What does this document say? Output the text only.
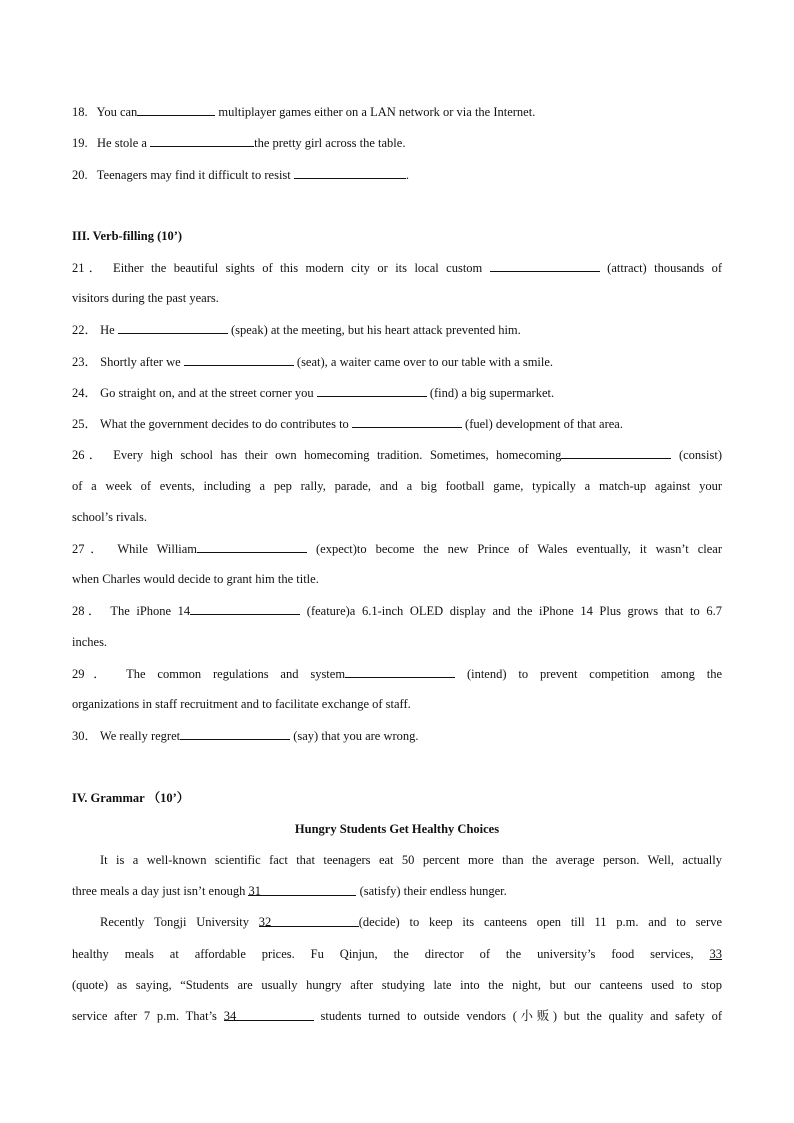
18. You can	multiplayer games either on a LAN network or via the Internet.
19. He stole a	the pretty girl across the table.
20. Teenagers may find it difficult to resist	.
III. Verb-filling (10’)
21． Either the beautiful sights of this modern city or its local custom	(attract) thousands of
visitors during the past years.
22． He	(speak) at the meeting, but his heart attack prevented him.
23． Shortly after we	(seat), a waiter came over to our table with a smile.
24． Go straight on, and at the street corner you	(find) a big supermarket.
25． What the government decides to do contributes to	(fuel) development of that area.
26． Every high school has their own homecoming tradition. Sometimes, homecoming	(consist)
of a week of events, including a pep rally, parade, and a big football game, typically a match-up against your
school’s rivals.
27． While William	(expect)to become the new Prince of Wales eventually, it wasn’t clear
when Charles would decide to grant him the title.
28． The iPhone 14	(feature)a 6.1-inch OLED display and the iPhone 14 Plus grows that to 6.7
inches.
29． The common regulations and system	(intend) to prevent competition among the
organizations in staff recruitment and to facilitate exchange of staff.
30． We really regret	(say) that you are wrong.
IV. Grammar （10’）
Hungry Students Get Healthy Choices
It is a well-known scientific fact that teenagers eat 50 percent more than the average person. Well, actually
three meals a day just isn’t enough 31	(satisfy) their endless hunger.
Recently Tongji University 32	(decide) to keep its canteens open till 11 p.m. and to serve
healthy meals at affordable prices. Fu Qinjun, the director of the university’s food services, 33
(quote) as saying, “Students are usually hungry after studying late into the night, but our canteens used to stop
service after 7 p.m. That’s 34	students turned to outside vendors (小贩) but the quality and safety of
